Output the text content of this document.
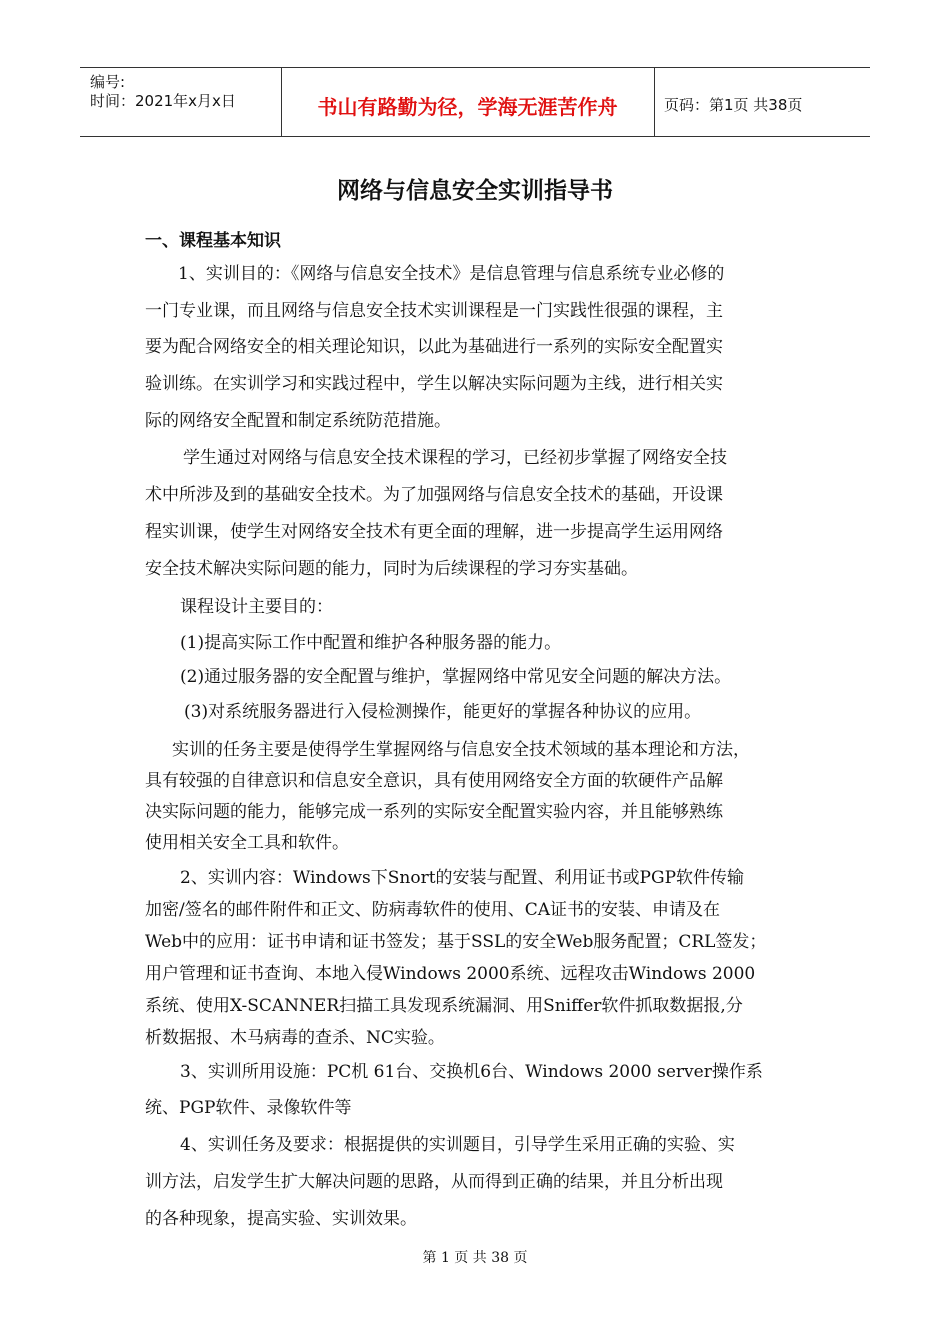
编号:
时间：2021年x月x日	书山有路勤为径，学海无涯苦作舟	页码：第1页 共38页
网络与信息安全实训指导书
一、课程基本知识
1、实训目的：《网络与信息安全技术》是信息管理与信息系统专业必修的
一门专业课，而且网络与信息安全技术实训课程是一门实践性很强的课程，主
要为配合网络安全的相关理论知识，以此为基础进行一系列的实际安全配置实
验训练。在实训学习和实践过程中，学生以解决实际问题为主线，进行相关实
际的网络安全配置和制定系统防范措施。
学生通过对网络与信息安全技术课程的学习，已经初步掌握了网络安全技
术中所涉及到的基础安全技术。为了加强网络与信息安全技术的基础，开设课
程实训课，使学生对网络安全技术有更全面的理解，进一步提高学生运用网络
安全技术解决实际问题的能力，同时为后续课程的学习夯实基础。
课程设计主要目的：
(1)提高实际工作中配置和维护各种服务器的能力。
(2)通过服务器的安全配置与维护，掌握网络中常见安全问题的解决方法。
(3)对系统服务器进行入侵检测操作，能更好的掌握各种协议的应用。
实训的任务主要是使得学生掌握网络与信息安全技术领域的基本理论和方法，
具有较强的自律意识和信息安全意识，具有使用网络安全方面的软硬件产品解
决实际问题的能力，能够完成一系列的实际安全配置实验内容，并且能够熟练
使用相关安全工具和软件。
2、实训内容：Windows下Snort的安装与配置、利用证书或PGP软件传输
加密/签名的邮件附件和正文、防病毒软件的使用、CA证书的安装、申请及在
Web中的应用：证书申请和证书签发；基于SSL的安全Web服务配置；CRL签发；
用户管理和证书查询、本地入侵Windows 2000系统、远程攻击Windows 2000
系统、使用X-SCANNER扫描工具发现系统漏洞、用Sniffer软件抓取数据报,分
析数据报、木马病毒的查杀、NC实验。
3、实训所用设施：PC机 61台、交换机6台、Windows 2000 server操作系
统、PGP软件、录像软件等
4、实训任务及要求：根据提供的实训题目，引导学生采用正确的实验、实
训方法，启发学生扩大解决问题的思路，从而得到正确的结果，并且分析出现
的各种现象，提高实验、实训效果。
第 1 页 共 38 页
